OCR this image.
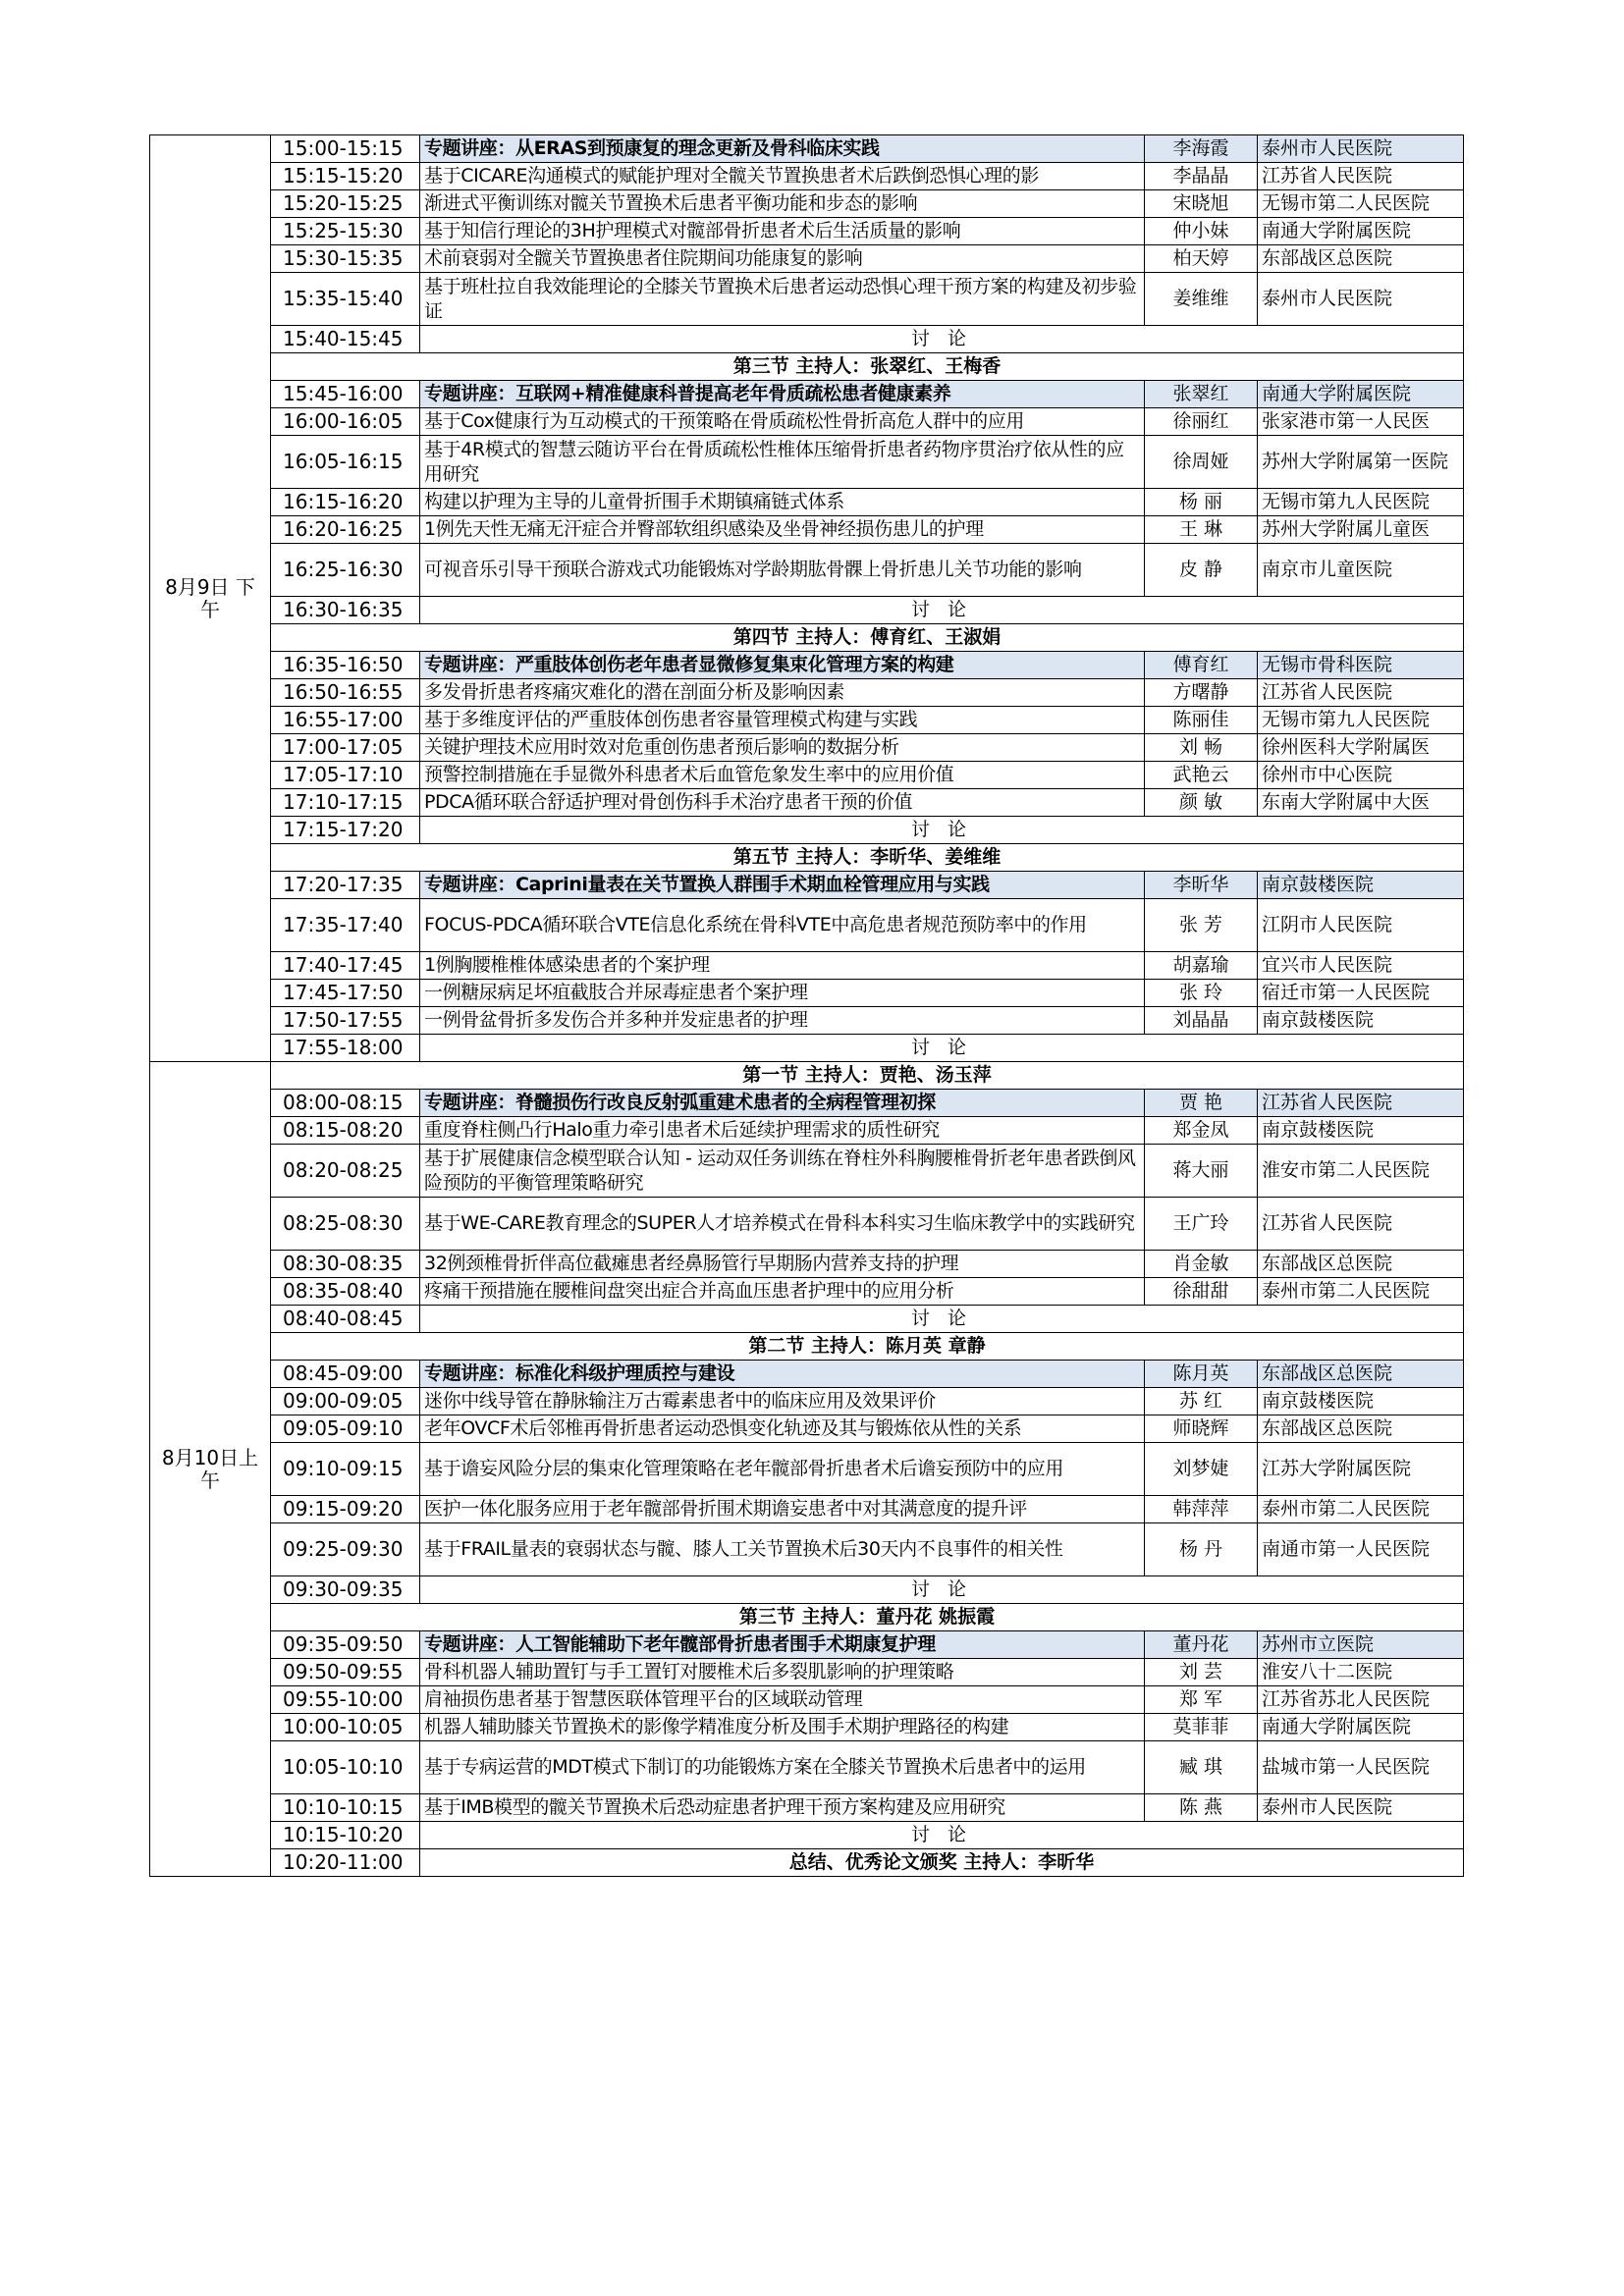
8月9日 下午	15:00-15:15	专题讲座：从ERAS到预康复的理念更新及骨科临床实践	李海霞	泰州市人民医院
	15:15-15:20	基于CICARE沟通模式的赋能护理对全髋关节置换患者术后跌倒恐惧心理的影	李晶晶	江苏省人民医院
	15:20-15:25	渐进式平衡训练对髋关节置换术后患者平衡功能和步态的影响	宋晓旭	无锡市第二人民医院
	15:25-15:30	基于知信行理论的3H护理模式对髋部骨折患者术后生活质量的影响	仲小妹	南通大学附属医院
	15:30-15:35	术前衰弱对全髋关节置换患者住院期间功能康复的影响	柏天婷	东部战区总医院
	15:35-15:40	基于班杜拉自我效能理论的全膝关节置换术后患者运动恐惧心理干预方案的构建及初步验证	姜维维	泰州市人民医院
	15:40-15:45	讨 论		
	第三节 主持人：张翠红、王梅香			
	15:45-16:00	专题讲座：互联网+精准健康科普提高老年骨质疏松患者健康素养	张翠红	南通大学附属医院
	16:00-16:05	基于Cox健康行为互动模式的干预策略在骨质疏松性骨折高危人群中的应用	徐丽红	张家港市第一人民医
	16:05-16:15	基于4R模式的智慧云随访平台在骨质疏松性椎体压缩骨折患者药物序贯治疗依从性的应用研究	徐周娅	苏州大学附属第一医院
	16:15-16:20	构建以护理为主导的儿童骨折围手术期镇痛链式体系	杨 丽	无锡市第九人民医院
	16:20-16:25	1例先天性无痛无汗症合并臀部软组织感染及坐骨神经损伤患儿的护理	王 琳	苏州大学附属儿童医
	16:25-16:30	可视音乐引导干预联合游戏式功能锻炼对学龄期肱骨髁上骨折患儿关节功能的影响	皮 静	南京市儿童医院
	16:30-16:35	讨 论		
	第四节 主持人：傅育红、王淑娟			
	16:35-16:50	专题讲座：严重肢体创伤老年患者显微修复集束化管理方案的构建	傅育红	无锡市骨科医院
	16:50-16:55	多发骨折患者疼痛灾难化的潜在剖面分析及影响因素	方曙静	江苏省人民医院
	16:55-17:00	基于多维度评估的严重肢体创伤患者容量管理模式构建与实践	陈丽佳	无锡市第九人民医院
	17:00-17:05	关键护理技术应用时效对危重创伤患者预后影响的数据分析	刘 畅	徐州医科大学附属医
	17:05-17:10	预警控制措施在手显微外科患者术后血管危象发生率中的应用价值	武艳云	徐州市中心医院
	17:10-17:15	PDCA循环联合舒适护理对骨创伤科手术治疗患者干预的价值	颜 敏	东南大学附属中大医
	17:15-17:20	讨 论		
	第五节 主持人：李昕华、姜维维			
	17:20-17:35	专题讲座：Caprini量表在关节置换人群围手术期血栓管理应用与实践	李昕华	南京鼓楼医院
	17:35-17:40	FOCUS-PDCA循环联合VTE信息化系统在骨科VTE中高危患者规范预防率中的作用	张 芳	江阴市人民医院
	17:40-17:45	1例胸腰椎椎体感染患者的个案护理	胡嘉瑜	宜兴市人民医院
	17:45-17:50	一例糖尿病足坏疽截肢合并尿毒症患者个案护理	张 玲	宿迁市第一人民医院
	17:50-17:55	一例骨盆骨折多发伤合并多种并发症患者的护理	刘晶晶	南京鼓楼医院
	17:55-18:00	讨 论		
8月10日上午	第一节 主持人：贾艳、汤玉萍			
	08:00-08:15	专题讲座：脊髓损伤行改良反射弧重建术患者的全病程管理初探	贾 艳	江苏省人民医院
	08:15-08:20	重度脊柱侧凸行Halo重力牵引患者术后延续护理需求的质性研究	郑金凤	南京鼓楼医院
	08:20-08:25	基于扩展健康信念模型联合认知 - 运动双任务训练在脊柱外科胸腰椎骨折老年患者跌倒风险预防的平衡管理策略研究	蒋大丽	淮安市第二人民医院
	08:25-08:30	基于WE-CARE教育理念的SUPER人才培养模式在骨科本科实习生临床教学中的实践研究	王广玲	江苏省人民医院
	08:30-08:35	32例颈椎骨折伴高位截瘫患者经鼻肠管行早期肠内营养支持的护理	肖金敏	东部战区总医院
	08:35-08:40	疼痛干预措施在腰椎间盘突出症合并高血压患者护理中的应用分析	徐甜甜	泰州市第二人民医院
	08:40-08:45	讨 论		
	第二节 主持人：陈月英 章静			
	08:45-09:00	专题讲座：标准化科级护理质控与建设	陈月英	东部战区总医院
	09:00-09:05	迷你中线导管在静脉输注万古霉素患者中的临床应用及效果评价	苏 红	南京鼓楼医院
	09:05-09:10	老年OVCF术后邻椎再骨折患者运动恐惧变化轨迹及其与锻炼依从性的关系	师晓辉	东部战区总医院
	09:10-09:15	基于谵妄风险分层的集束化管理策略在老年髋部骨折患者术后谵妄预防中的应用	刘梦婕	江苏大学附属医院
	09:15-09:20	医护一体化服务应用于老年髋部骨折围术期谵妄患者中对其满意度的提升评	韩萍萍	泰州市第二人民医院
	09:25-09:30	基于FRAIL量表的衰弱状态与髋、膝人工关节置换术后30天内不良事件的相关性	杨 丹	南通市第一人民医院
	09:30-09:35	讨 论		
	第三节 主持人：董丹花 姚振霞			
	09:35-09:50	专题讲座：人工智能辅助下老年髋部骨折患者围手术期康复护理	董丹花	苏州市立医院
	09:50-09:55	骨科机器人辅助置钉与手工置钉对腰椎术后多裂肌影响的护理策略	刘 芸	淮安八十二医院
	09:55-10:00	肩袖损伤患者基于智慧医联体管理平台的区域联动管理	郑 军	江苏省苏北人民医院
	10:00-10:05	机器人辅助膝关节置换术的影像学精准度分析及围手术期护理路径的构建	莫菲菲	南通大学附属医院
	10:05-10:10	基于专病运营的MDT模式下制订的功能锻炼方案在全膝关节置换术后患者中的运用	臧 琪	盐城市第一人民医院
	10:10-10:15	基于IMB模型的髋关节置换术后恐动症患者护理干预方案构建及应用研究	陈 燕	泰州市人民医院
	10:15-10:20	讨 论		
	10:20-11:00	总结、优秀论文颁奖 主持人：李昕华		
